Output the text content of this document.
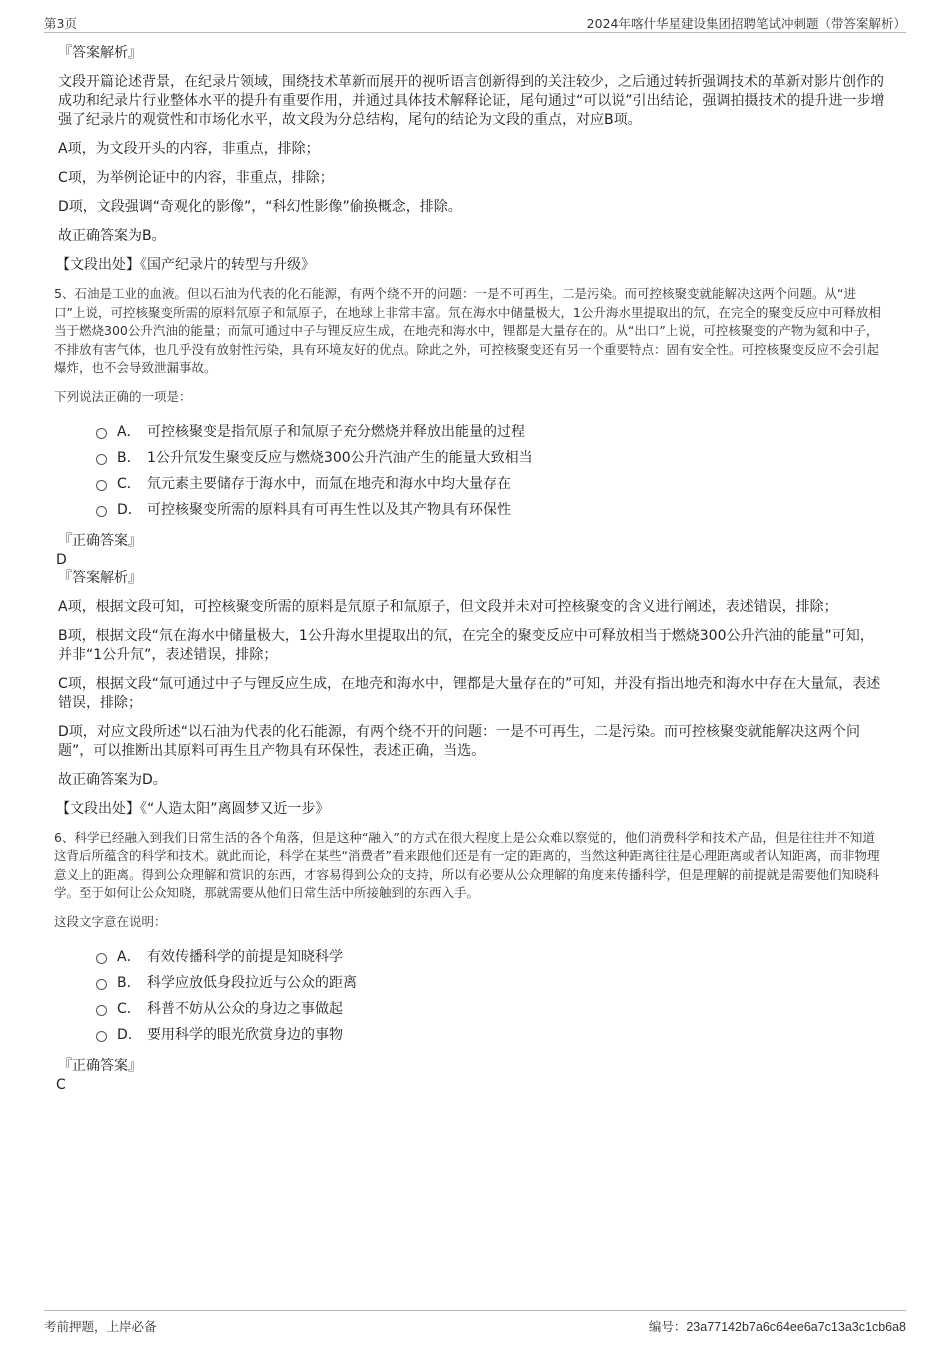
第3页	2024年喀什华星建设集团招聘笔试冲刺题（带答案解析）

『答案解析』

文段开篇论述背景，在纪录片领域，围绕技术革新而展开的视听语言创新得到的关注较少，之后通过转折强调技术的革新对影片创作的成功和纪录片行业整体水平的提升有重要作用，并通过具体技术解释论证，尾句通过“可以说”引出结论，强调拍摄技术的提升进一步增强了纪录片的观赏性和市场化水平，故文段为分总结构，尾句的结论为文段的重点，对应B项。

A项，为文段开头的内容，非重点，排除；

C项，为举例论证中的内容，非重点，排除；

D项，文段强调“奇观化的影像”，“科幻性影像”偷换概念，排除。

故正确答案为B。

【文段出处】《国产纪录片的转型与升级》

5、石油是工业的血液。但以石油为代表的化石能源，有两个绕不开的问题：一是不可再生，二是污染。而可控核聚变就能解决这两个问题。从“进口”上说，可控核聚变所需的原料氘原子和氚原子，在地球上非常丰富。氘在海水中储量极大，1公升海水里提取出的氘，在完全的聚变反应中可释放相当于燃烧300公升汽油的能量；而氚可通过中子与锂反应生成，在地壳和海水中，锂都是大量存在的。从“出口”上说，可控核聚变的产物为氦和中子，不排放有害气体，也几乎没有放射性污染，具有环境友好的优点。除此之外，可控核聚变还有另一个重要特点：固有安全性。可控核聚变反应不会引起爆炸，也不会导致泄漏事故。

下列说法正确的一项是：

A． 可控核聚变是指氘原子和氚原子充分燃烧并释放出能量的过程
B． 1公升氘发生聚变反应与燃烧300公升汽油产生的能量大致相当
C． 氘元素主要储存于海水中，而氚在地壳和海水中均大量存在
D． 可控核聚变所需的原料具有可再生性以及其产物具有环保性

『正确答案』

D

『答案解析』

A项，根据文段可知，可控核聚变所需的原料是氘原子和氚原子，但文段并未对可控核聚变的含义进行阐述，表述错误，排除；

B项，根据文段“氘在海水中储量极大，1公升海水里提取出的氘，在完全的聚变反应中可释放相当于燃烧300公升汽油的能量”可知，并非“1公升氘”，表述错误，排除；

C项，根据文段“氚可通过中子与锂反应生成，在地壳和海水中，锂都是大量存在的”可知，并没有指出地壳和海水中存在大量氚，表述错误，排除；

D项，对应文段所述“以石油为代表的化石能源，有两个绕不开的问题：一是不可再生，二是污染。而可控核聚变就能解决这两个问题”，可以推断出其原料可再生且产物具有环保性，表述正确，当选。

故正确答案为D。

【文段出处】《“人造太阳”离圆梦又近一步》

6、科学已经融入到我们日常生活的各个角落，但是这种“融入”的方式在很大程度上是公众难以察觉的，他们消费科学和技术产品，但是往往并不知道这背后所蕴含的科学和技术。就此而论，科学在某些“消费者”看来跟他们还是有一定的距离的，当然这种距离往往是心理距离或者认知距离，而非物理意义上的距离。得到公众理解和赏识的东西，才容易得到公众的支持，所以有必要从公众理解的角度来传播科学，但是理解的前提就是需要他们知晓科学。至于如何让公众知晓，那就需要从他们日常生活中所接触到的东西入手。

这段文字意在说明：

A． 有效传播科学的前提是知晓科学
B． 科学应放低身段拉近与公众的距离
C． 科普不妨从公众的身边之事做起
D． 要用科学的眼光欣赏身边的事物

『正确答案』

C

考前押题，上岸必备	编号：23a77142b7a6c64ee6a7c13a3c1cb6a8
